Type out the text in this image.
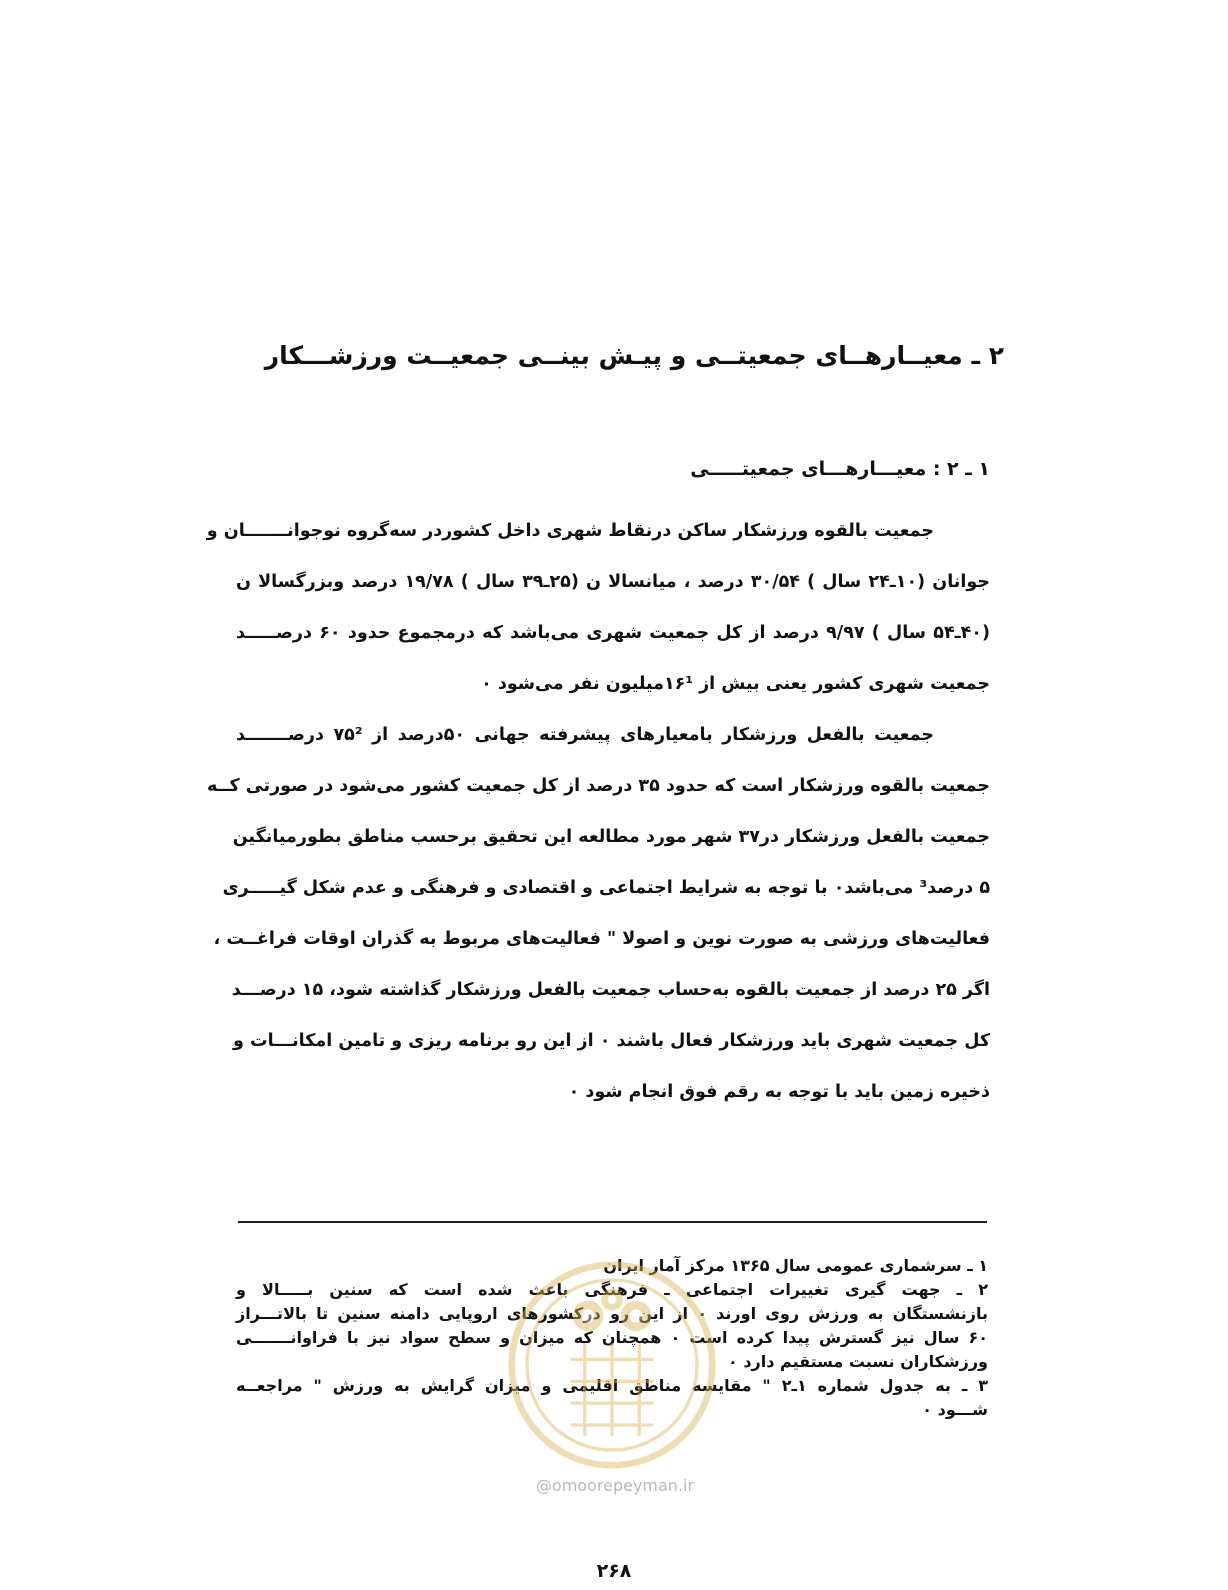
۲ ـ معیــارهــای جمعیتــی و پیـش بینــی جمعیــت ورزشـــکار
۱ ـ ۲ : معیـــارهـــای جمعیتـــــی
جمعیت بالقوه ورزشکار ساکن درنقاط شهری داخل کشوردر سه‌گروه نوجوانـــــــان و
جوانان (۱۰ـ۲۴ سال ) ۳۰/۵۴ درصد ، میانسالا ن (۲۵ـ۳۹ سال ) ۱۹/۷۸ درصد وبزرگسالا ن
(۴۰ـ۵۴ سال ) ۹/۹۷ درصد از کل جمعیت شهری می‌باشد که درمجموع حدود ۶۰ درصـــــد
جمعیت شهری کشور یعنی بیش از ۱۶¹میلیون نفر می‌شود ۰
جمعیت بالفعل ورزشکار بامعیارهای پیشرفته جهانی ۵۰درصد از ۷۵² درصـــــــد
جمعیت بالقوه ورزشکار است که حدود ۳۵ درصد از کل جمعیت کشور می‌شود در صورتی کــه
جمعیت بالفعل ورزشکار در۳۷ شهر مورد مطالعه این تحقیق برحسب مناطق بطورمیانگین
۵ درصد³ می‌باشد۰ با توجه به شرایط اجتماعی و اقتصادی و فرهنگی و عدم شکل گیـــــری
فعالیت‌های ورزشی به صورت نوین و اصولا " فعالیت‌های مربوط به گذران اوقات فراغــت ،
اگر ۲۵ درصد از جمعیت بالقوه به‌حساب جمعیت بالفعل ورزشکار گذاشته شود، ۱۵ درصـــد
کل جمعیت شهری باید ورزشکار فعال باشند ۰ از این رو برنامه ریزی و تامین امکانـــات و
ذخیره زمین باید با توجه به رقم فوق انجام شود ۰
۱ ـ سرشماری عمومی سال ۱۳۶۵ مرکز آمار ایران
۲ ـ جهت گیری تغییرات اجتماعی ـ فرهنگی باعث شده است که سنین بـــــالا و
بازنشستگان به ورزش روی اورند ۰ از این رو درکشورهای اروپایی دامنه سنین تا بالاتـــراز
۶۰ سال نیز گسترش پیدا کرده است ۰ همچنان که میزان و سطح سواد نیز با فراوانـــــــی
ورزشکاران نسبت مستقیم دارد ۰
۳ ـ به جدول شماره ۱ـ۲ " مقایسه مناطق اقلیمی و میزان گرایش به ورزش " مراجعــه
شـــود ۰
@omoorepeyman.ir
۲۶۸
